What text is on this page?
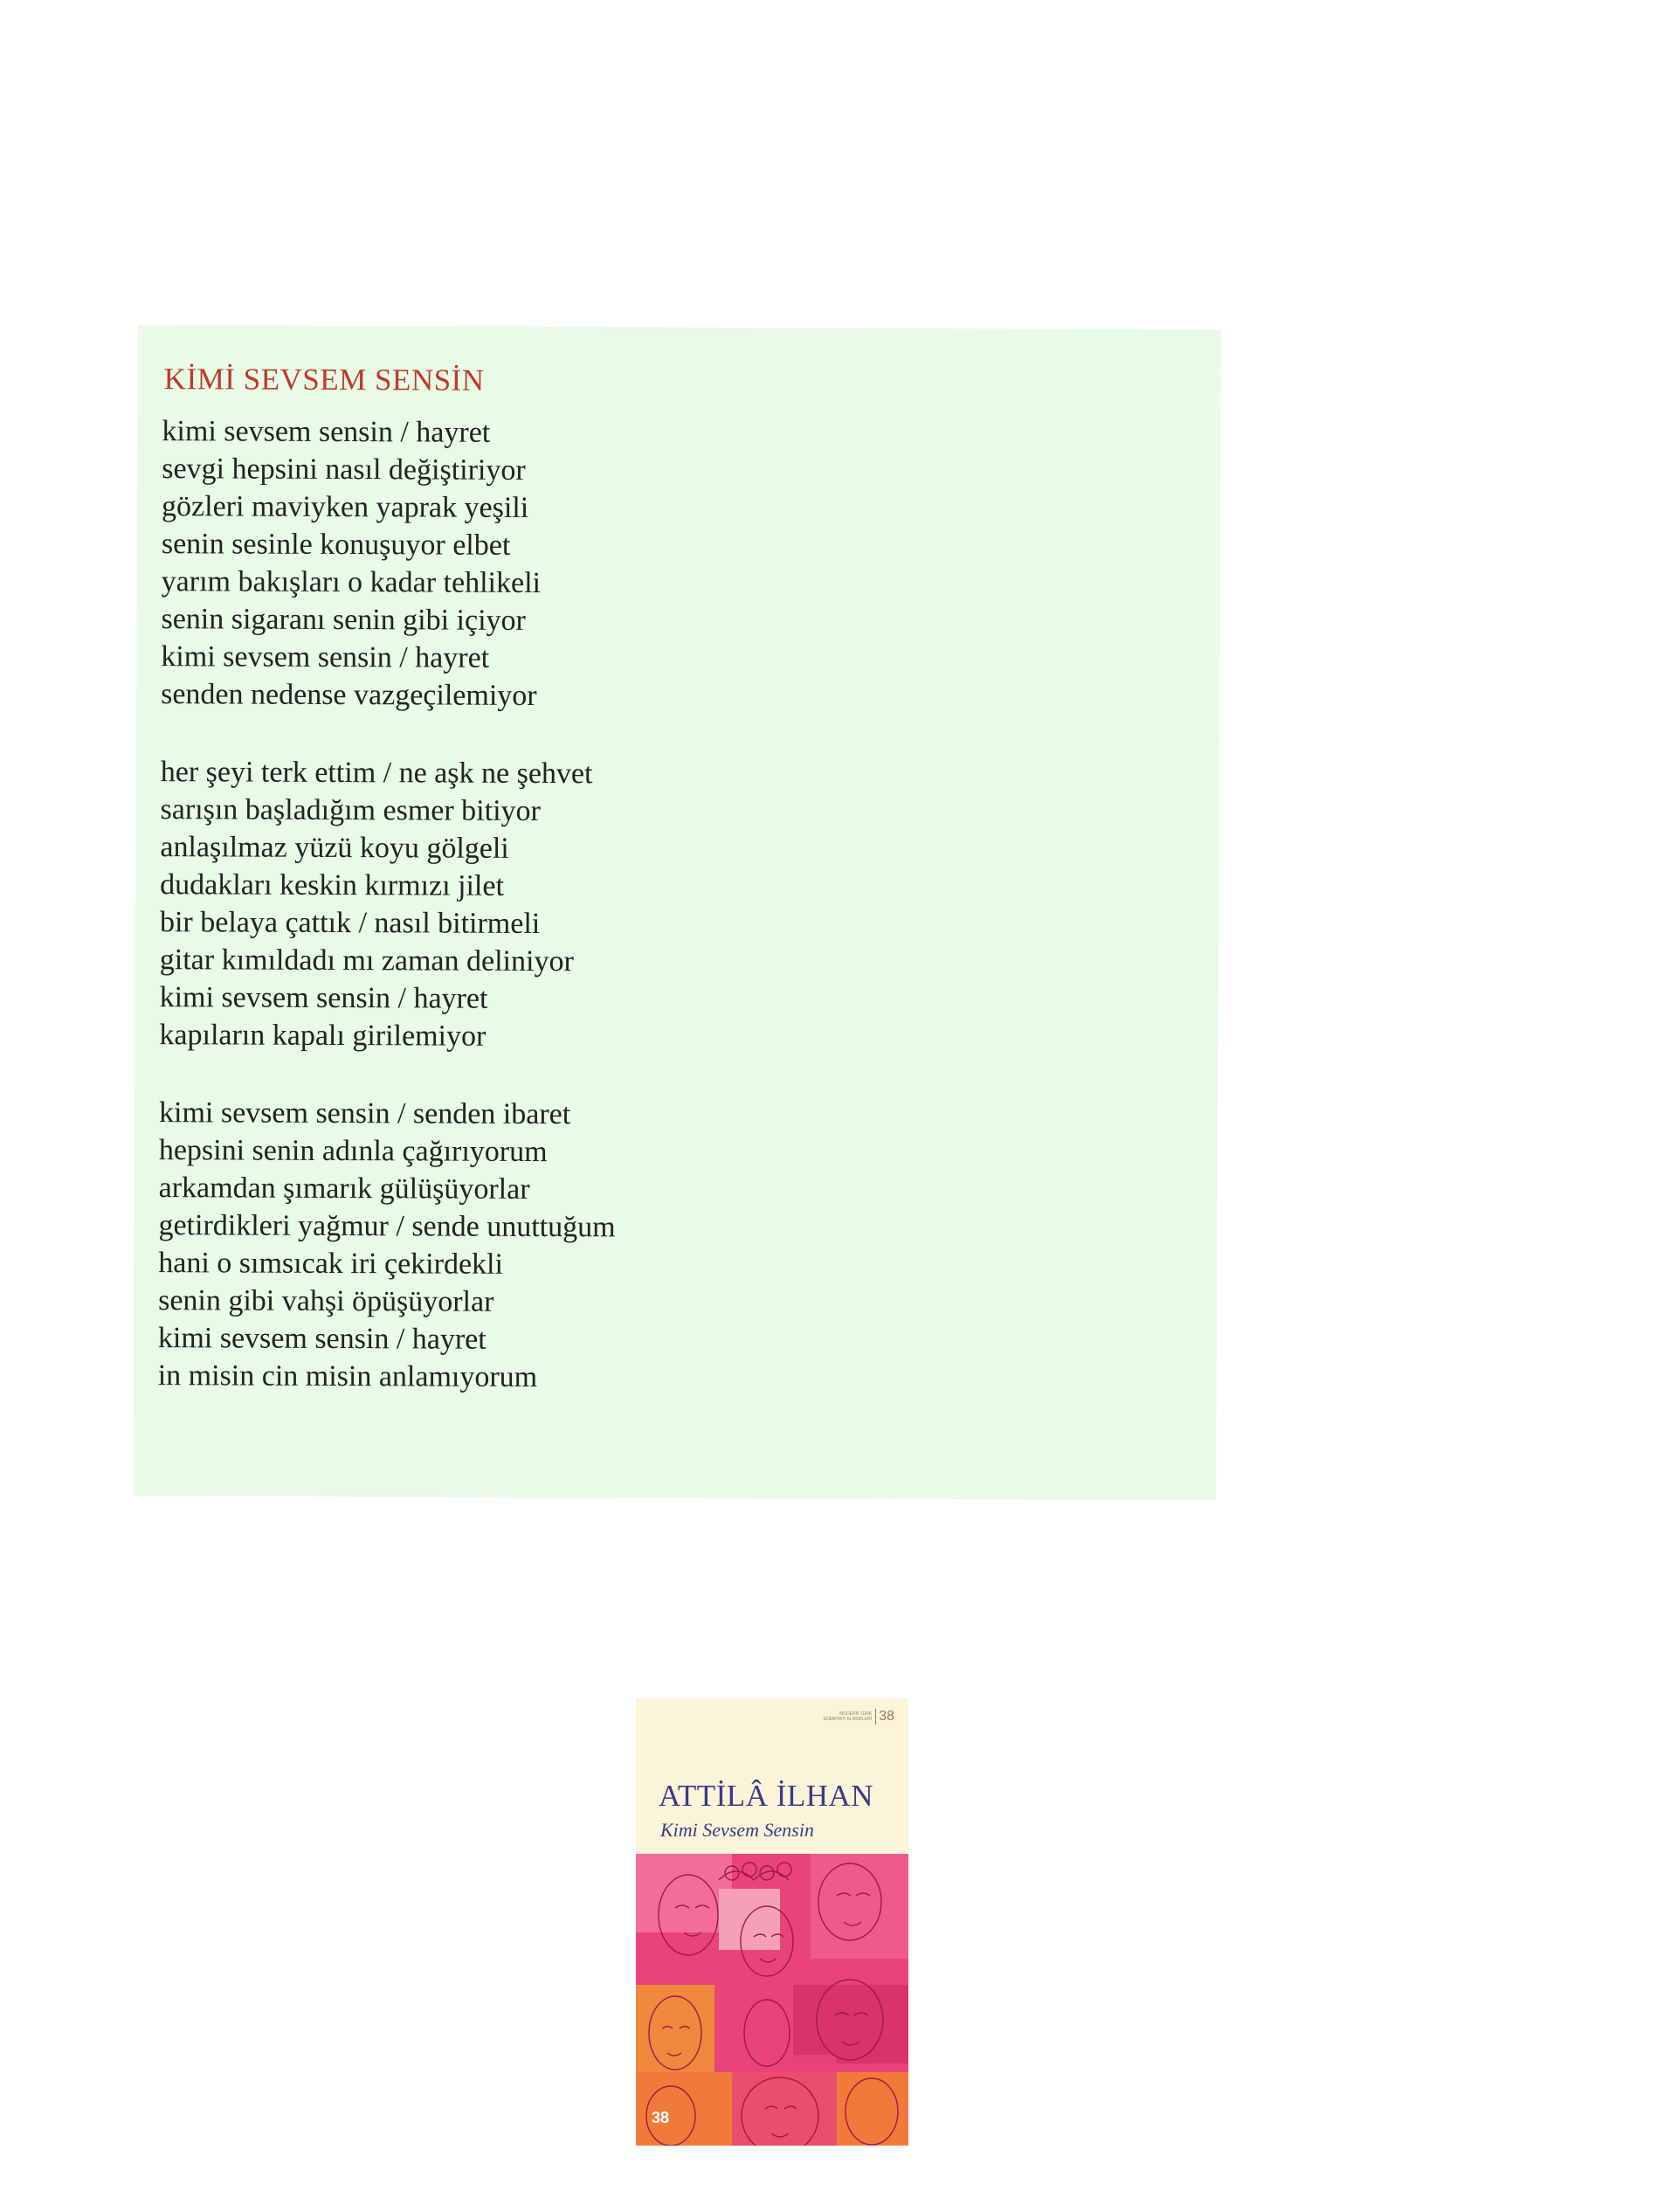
KİMİ SEVSEM SENSİN
kimi sevsem sensin / hayret
sevgi hepsini nasıl değiştiriyor
gözleri maviyken yaprak yeşili
senin sesinle konuşuyor elbet
yarım bakışları o kadar tehlikeli
senin sigaranı senin gibi içiyor
kimi sevsem sensin / hayret
senden nedense vazgeçilemiyor
her şeyi terk ettim / ne aşk ne şehvet
sarışın başladığım esmer bitiyor
anlaşılmaz yüzü koyu gölgeli
dudakları keskin kırmızı jilet
bir belaya çattık / nasıl bitirmeli
gitar kımıldadı mı zaman deliniyor
kimi sevsem sensin / hayret
kapıların kapalı girilemiyor
kimi sevsem sensin / senden ibaret
hepsini senin adınla çağırıyorum
arkamdan şımarık gülüşüyorlar
getirdikleri yağmur / sende unuttuğum
hani o sımsıcak iri çekirdekli
senin gibi vahşi öpüşüyorlar
kimi sevsem sensin / hayret
in misin cin misin anlamıyorum
MODERN TÜRK
EDEBİYATI KLASİKLERİ 38
ATTİLÂ İLHAN
Kimi Sevsem Sensin
38
